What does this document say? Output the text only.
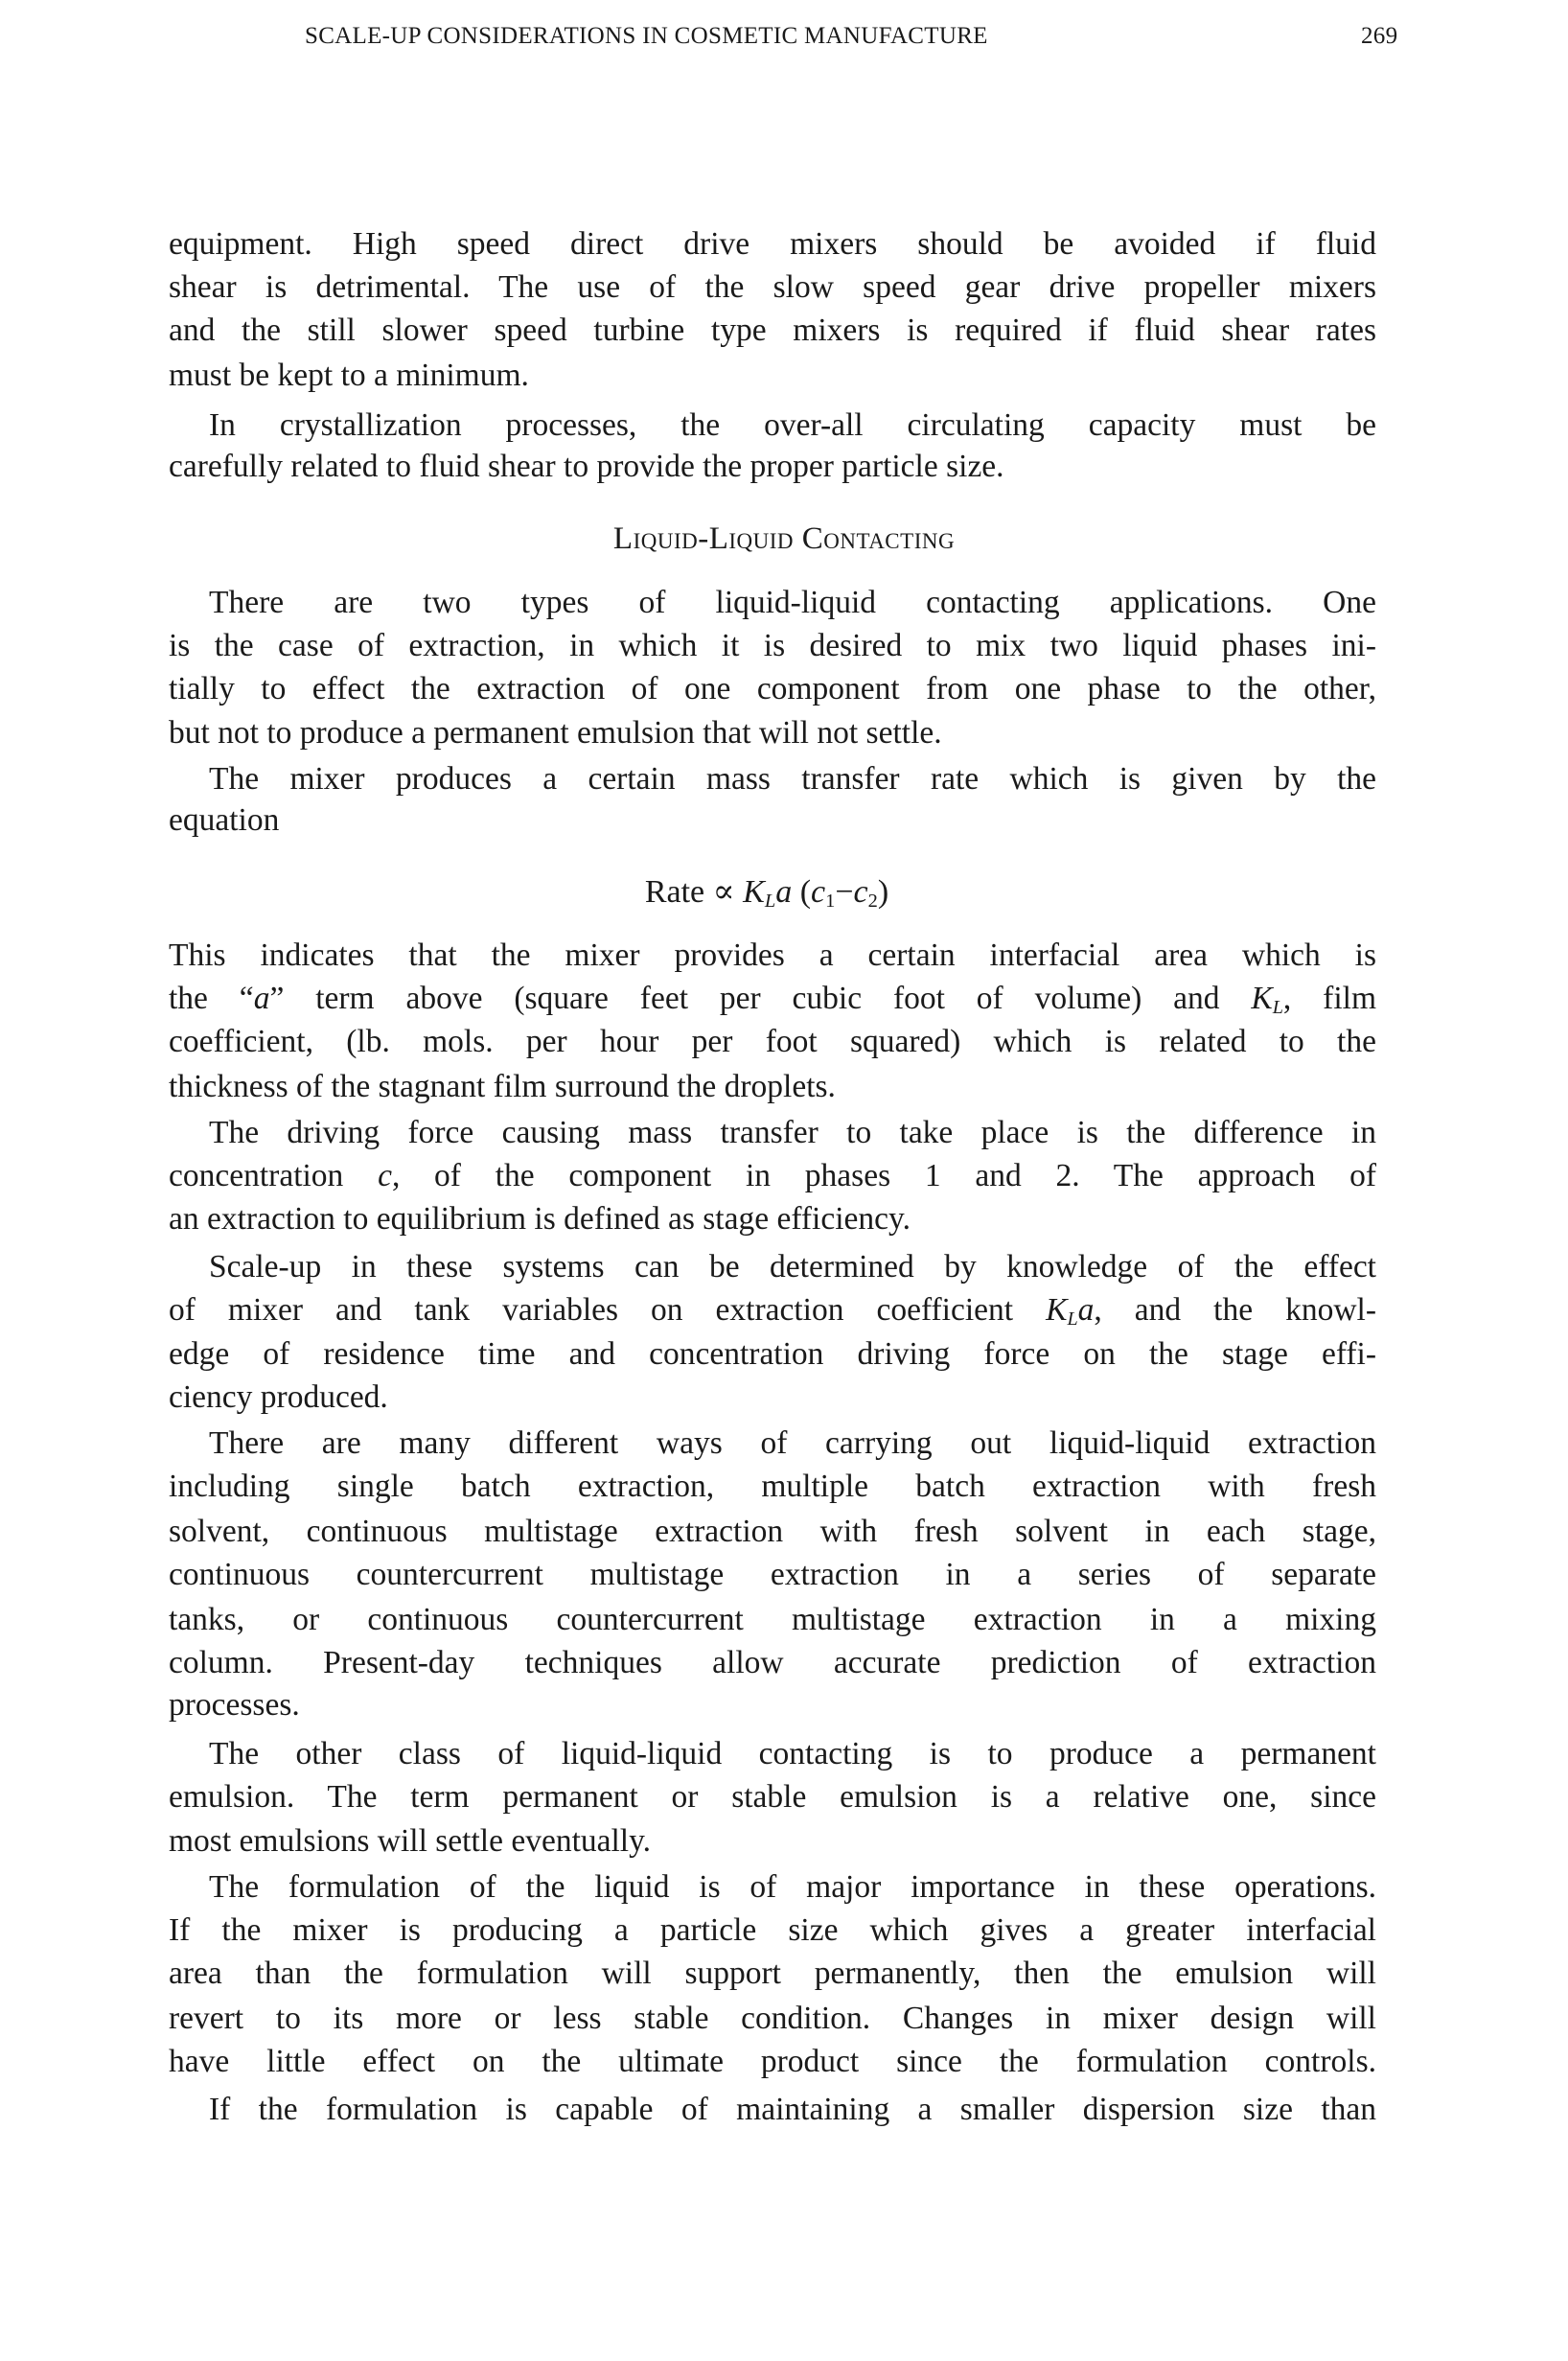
SCALE-UP CONSIDERATIONS IN COSMETIC MANUFACTURE	269
equipment. High speed direct drive mixers should be avoided if fluid
shear is detrimental. The use of the slow speed gear drive propeller mixers
and the still slower speed turbine type mixers is required if fluid shear rates
must be kept to a minimum.
In crystallization processes, the over-all circulating capacity must be
carefully related to fluid shear to provide the proper particle size.
There are two types of liquid-liquid contacting applications. One
is the case of extraction, in which it is desired to mix two liquid phases ini-
tially to effect the extraction of one component from one phase to the other,
but not to produce a permanent emulsion that will not settle.
The mixer produces a certain mass transfer rate which is given by the
equation
This indicates that the mixer provides a certain interfacial area which is
the “a” term above (square feet per cubic foot of volume) and $K_L$, film
coefficient, (lb. mols. per hour per foot squared) which is related to the
thickness of the stagnant film surround the droplets.
The driving force causing mass transfer to take place is the difference in
concentration c, of the component in phases 1 and 2. The approach of
an extraction to equilibrium is defined as stage efficiency.
Scale-up in these systems can be determined by knowledge of the effect
of mixer and tank variables on extraction coefficient $K_La$, and the knowl-
edge of residence time and concentration driving force on the stage effi-
ciency produced.
There are many different ways of carrying out liquid-liquid extraction
including single batch extraction, multiple batch extraction with fresh
solvent, continuous multistage extraction with fresh solvent in each stage,
continuous countercurrent multistage extraction in a series of separate
tanks, or continuous countercurrent multistage extraction in a mixing
column. Present-day techniques allow accurate prediction of extraction
processes.
The other class of liquid-liquid contacting is to produce a permanent
emulsion. The term permanent or stable emulsion is a relative one, since
most emulsions will settle eventually.
The formulation of the liquid is of major importance in these operations.
If the mixer is producing a particle size which gives a greater interfacial
area than the formulation will support permanently, then the emulsion will
revert to its more or less stable condition. Changes in mixer design will
have little effect on the ultimate product since the formulation controls.
If the formulation is capable of maintaining a smaller dispersion size than
Liquid-Liquid Contacting
Rate ∝ $K_La$ $(c_1-c_2)$
